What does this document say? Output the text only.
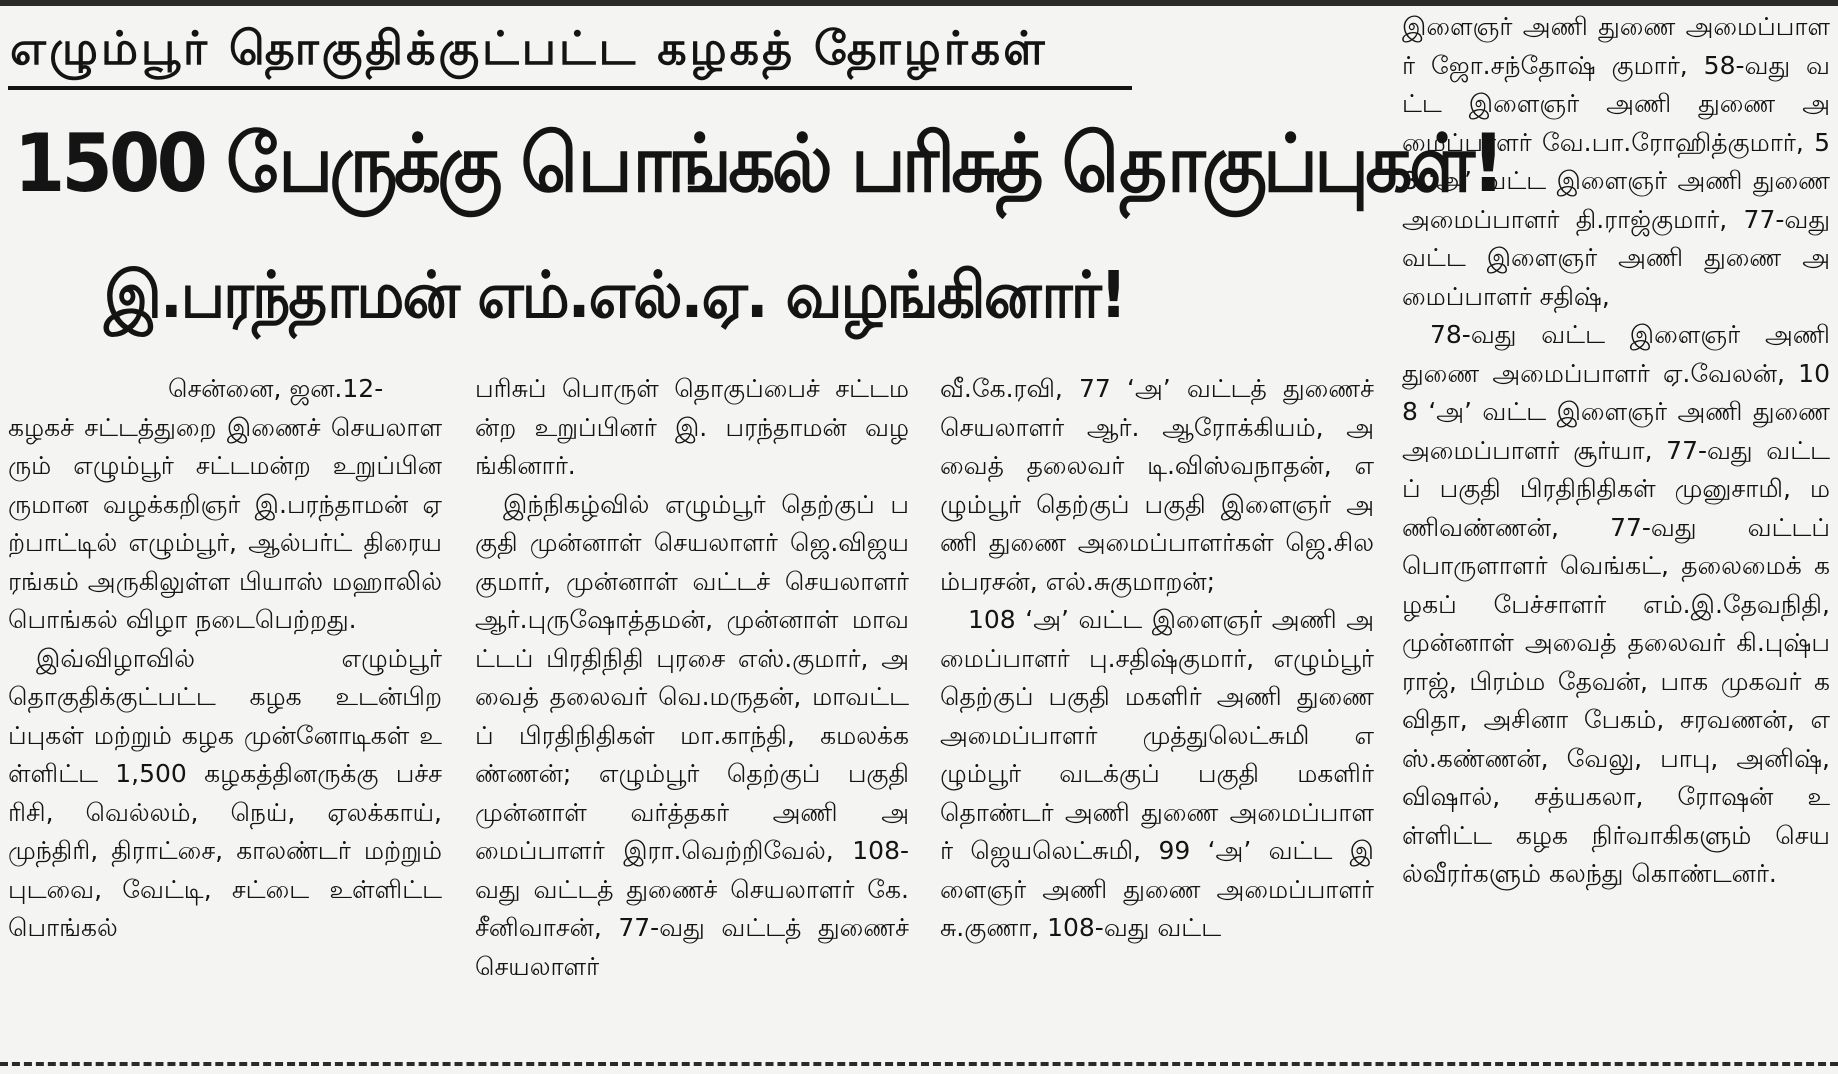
எழும்பூர் தொகுதிக்குட்பட்ட கழகத் தோழர்கள்
1500 பேருக்கு பொங்கல் பரிசுத் தொகுப்புகள்!
இ.பரந்தாமன் எம்.எல்.ஏ. வழங்கினார்!

சென்னை, ஜன.12-

கழகச் சட்டத்துறை இணைச் செயலாளரும் எழும்பூர் சட்டமன்ற உறுப்பினருமான வழக்கறிஞர் இ.பரந்தாமன் ஏற்பாட்டில் எழும்பூர், ஆல்பர்ட் திரையரங்கம் அருகிலுள்ள பியாஸ் மஹாலில் பொங்கல் விழா நடைபெற்றது.

இவ்விழாவில் எழும்பூர் தொகுதிக்குட்பட்ட கழக உடன்பிறப்புகள் மற்றும் கழக முன்னோடிகள் உள்ளிட்ட 1,500 கழகத்தினருக்கு பச்சரிசி, வெல்லம், நெய், ஏலக்காய், முந்திரி, திராட்சை, காலண்டர் மற்றும் புடவை, வேட்டி, சட்டை உள்ளிட்ட பொங்கல்

பரிசுப் பொருள் தொகுப்பைச் சட்டமன்ற உறுப்பினர் இ. பரந்தாமன் வழங்கினார்.

இந்நிகழ்வில் எழும்பூர் தெற்குப் பகுதி முன்னாள் செயலாளர் ஜெ.விஜயகுமார், முன்னாள் வட்டச் செயலாளர் ஆர்.புருஷோத்தமன், முன்னாள் மாவட்டப் பிரதிநிதி புரசை எஸ்.குமார், அவைத் தலைவர் வெ.மருதன், மாவட்டப் பிரதிநிதிகள் மா.காந்தி, கமலக்கண்ணன்; எழும்பூர் தெற்குப் பகுதி முன்னாள் வர்த்தகர் அணி அமைப்பாளர் இரா.வெற்றிவேல், 108-வது வட்டத் துணைச் செயலாளர் கே.சீனிவாசன், 77-வது வட்டத் துணைச் செயலாளர்

வீ.கே.ரவி, 77 ‘அ’ வட்டத் துணைச் செயலாளர் ஆர். ஆரோக்கியம், அவைத் தலைவர் டி.விஸ்வநாதன், எழும்பூர் தெற்குப் பகுதி இளைஞர் அணி துணை அமைப்பாளர்கள் ஜெ.சிலம்பரசன், எல்.சுகுமாறன்;

108 ‘அ’ வட்ட இளைஞர் அணி அமைப்பாளர் பு.சதிஷ்குமார், எழும்பூர் தெற்குப் பகுதி மகளிர் அணி துணை அமைப்பாளர் முத்துலெட்சுமி எழும்பூர் வடக்குப் பகுதி மகளிர் தொண்டர் அணி துணை அமைப்பாளர் ஜெயலெட்சுமி, 99 ‘அ’ வட்ட இளைஞர் அணி துணை அமைப்பாளர் சு.குணா, 108-வது வட்ட

இளைஞர் அணி துணை அமைப்பாளர் ஜோ.சந்தோஷ் குமார், 58-வது வட்ட இளைஞர் அணி துணை அமைப்பாளர் வே.பா.ரோஹித்குமார், 58 ‘அ’ வட்ட இளைஞர் அணி துணை அமைப்பாளர் தி.ராஜ்குமார், 77-வது வட்ட இளைஞர் அணி துணை அமைப்பாளர் சதிஷ்,

78-வது வட்ட இளைஞர் அணி துணை அமைப்பாளர் ஏ.வேலன், 108 ‘அ’ வட்ட இளைஞர் அணி துணை அமைப்பாளர் சூர்யா, 77-வது வட்டப் பகுதி பிரதிநிதிகள் முனுசாமி, மணிவண்ணன், 77-வது வட்டப் பொருளாளர் வெங்கட், தலைமைக் கழகப் பேச்சாளர் எம்.இ.தேவநிதி, முன்னாள் அவைத் தலைவர் கி.புஷ்பராஜ், பிரம்ம தேவன், பாக முகவர் கவிதா, அசினா பேகம், சரவணன், எஸ்.கண்ணன், வேலு, பாபு, அனிஷ், விஷால், சத்யகலா, ரோஷன் உள்ளிட்ட கழக நிர்வாகிகளும் செயல்வீரர்களும் கலந்து கொண்டனர்.
